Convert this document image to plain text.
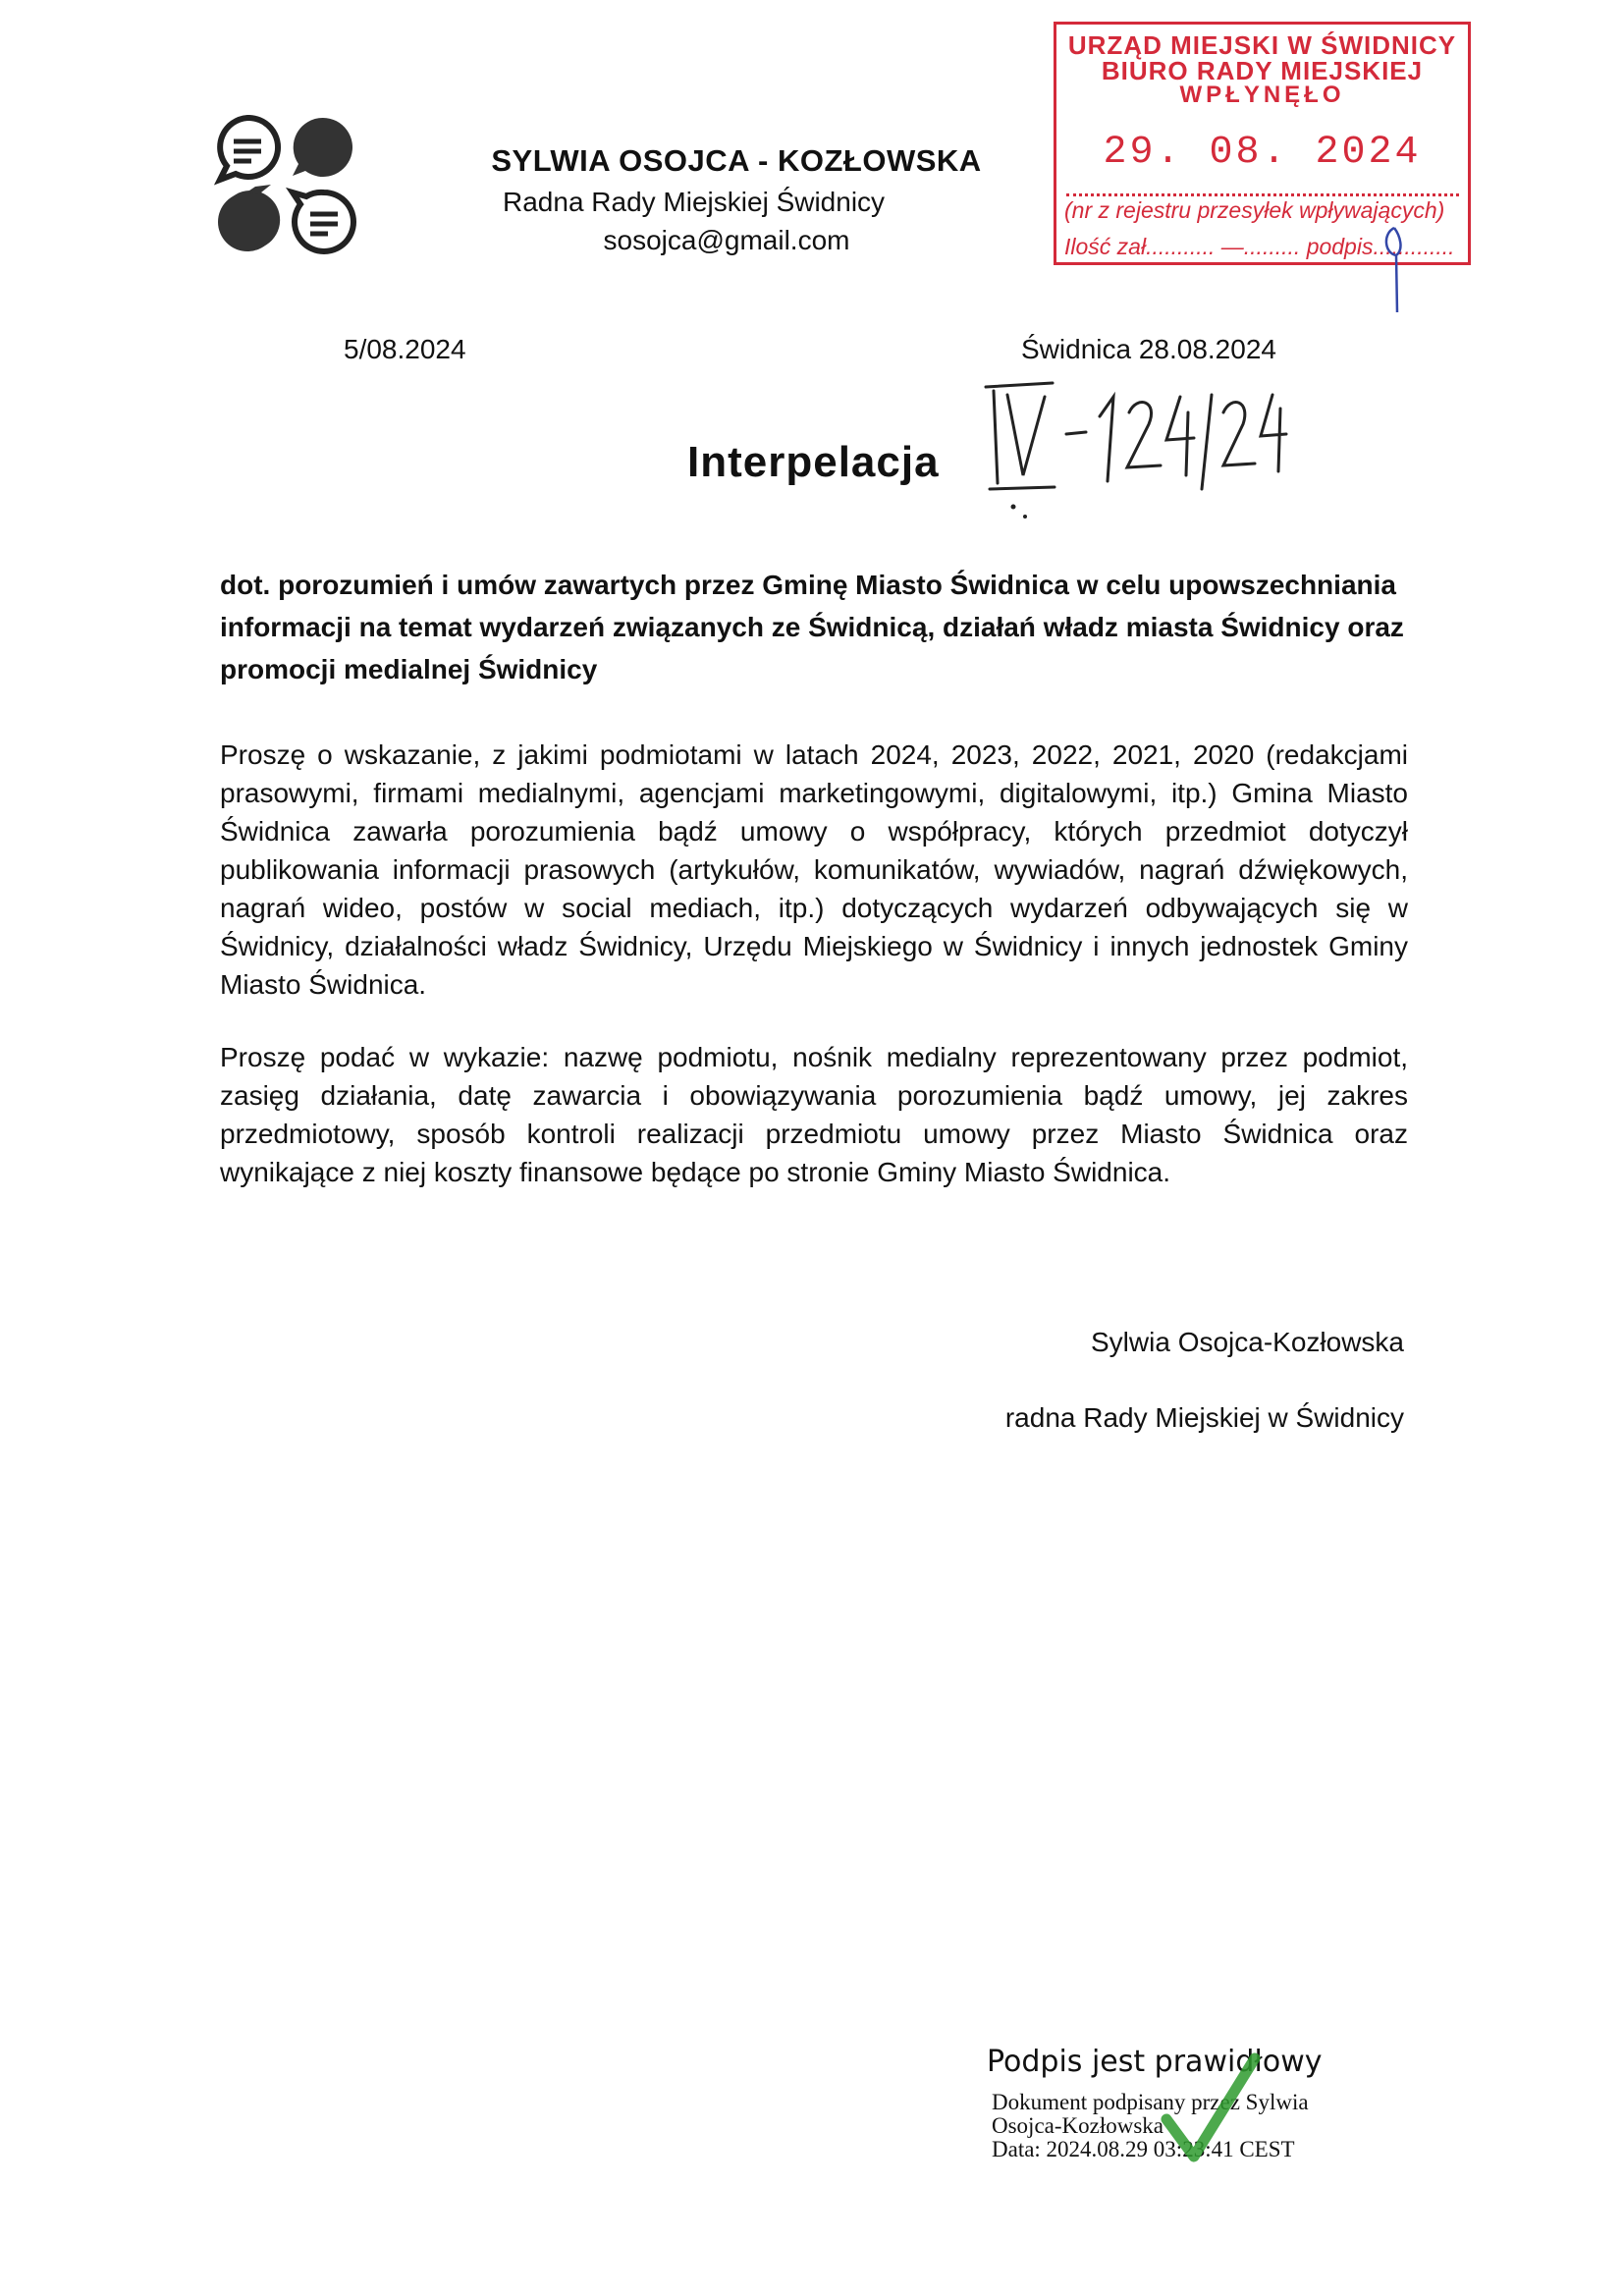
SYLWIA OSOJCA - KOZŁOWSKA
Radna Rady Miejskiej Świdnicy
sosojca@gmail.com
URZĄD MIEJSKI W ŚWIDNICY
BIURO RADY MIEJSKIEJ
WPŁYNĘŁO
29. 08. 2024
(nr z rejestru przesyłek wpływających)
Ilość zał........... —......... podpis.............
5/08.2024	Świdnica 28.08.2024
Interpelacja
dot. porozumień i umów zawartych przez Gminę Miasto Świdnica w celu upowszechniania informacji na temat wydarzeń związanych ze Świdnicą, działań władz miasta Świdnicy oraz promocji medialnej Świdnicy
Proszę o wskazanie, z jakimi podmiotami w latach 2024, 2023, 2022, 2021, 2020 (redakcjami prasowymi, firmami medialnymi, agencjami marketingowymi, digitalowymi, itp.) Gmina Miasto Świdnica zawarła porozumienia bądź umowy o współpracy, których przedmiot dotyczył publikowania informacji prasowych (artykułów, komunikatów, wywiadów, nagrań dźwiękowych, nagrań wideo, postów w social mediach, itp.) dotyczących wydarzeń odbywających się w Świdnicy, działalności władz Świdnicy, Urzędu Miejskiego w Świdnicy i innych jednostek Gminy Miasto Świdnica.
Proszę podać w wykazie: nazwę podmiotu, nośnik medialny reprezentowany przez podmiot, zasięg działania, datę zawarcia i obowiązywania porozumienia bądź umowy, jej zakres przedmiotowy, sposób kontroli realizacji przedmiotu umowy przez Miasto Świdnica oraz wynikające z niej koszty finansowe będące po stronie Gminy Miasto Świdnica.
Sylwia Osojca-Kozłowska
radna Rady Miejskiej w Świdnicy
Podpis jest prawidłowy
Dokument podpisany przez Sylwia
Osojca-Kozłowska
Data: 2024.08.29 03:23:41 CEST
